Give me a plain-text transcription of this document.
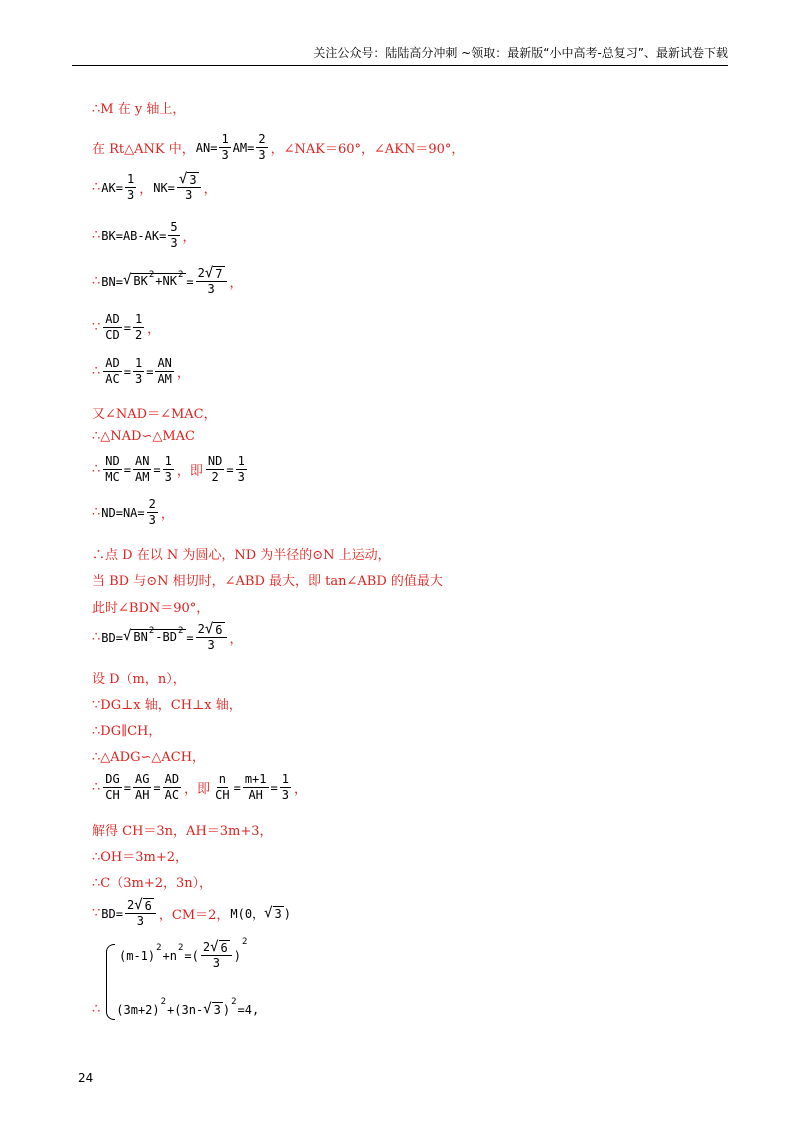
关注公众号：陆陆高分冲刺 ~领取：最新版“小中高考-总复习”、最新试卷下载
∴M 在 y 轴上，
在 Rt△ANK 中， $AN= \frac{1}{3} AM= \frac{2}{3}$ ，∠NAK＝60°，∠AKN＝90°，
∴ $AK= \frac{1}{3}$ ， $NK= \frac{√ 3}{3}$ ，
∴ $BK=AB-AK= \frac{5}{3}$ ，
∴ BN= √ $BK^2+NK^2 = \frac{2 √ 7}{3}$ ，
∵ $\frac{AD}{CD} = \frac{1}{2}$ ，
∴ $\frac{AD}{AC} = \frac{1}{3} = \frac{AN}{AM}$ ，
又∠NAD＝∠MAC，
∴△NAD∽△MAC
∴ $\frac{ND}{MC} = \frac{AN}{AM} = \frac{1}{3}$ ， 即 $\frac{ND}{2} = \frac{1}{3}$
∴ $ND=NA= \frac{2}{3}$ ，
∴点 D 在以 N 为圆心，ND 为半径的⊙N 上运动，
当 BD 与⊙N 相切时，∠ABD 最大，即 tan∠ABD 的值最大
此时∠BDN＝90°，
∴ BD= √ $BN^2-BD^2 = \frac{2 √ 6}{3}$ ，
设 D（m，n），
∵DG⊥x 轴，CH⊥x 轴，
∴DG∥CH，
∴△ADG∽△ACH，
∴ $\frac{DG}{CH} = \frac{AG}{AH} = \frac{AD}{AC}$ ， 即 $\frac{n}{CH} = \frac{m+1}{AH} = \frac{1}{3}$ ，
解得 CH＝3n，AH＝3m+3，
∴OH＝3m+2，
∴C（3m+2，3n），
∵ $BD= \frac{2 √ 6}{3}$ ，CM＝2， M(0， √ 3 )
(m-1)
2
+n
2
=( $\frac{2 √ 6}{3}$ )
2
∴ (3m+2)
2
+(3n- √ 3 )
2
=4,
24
